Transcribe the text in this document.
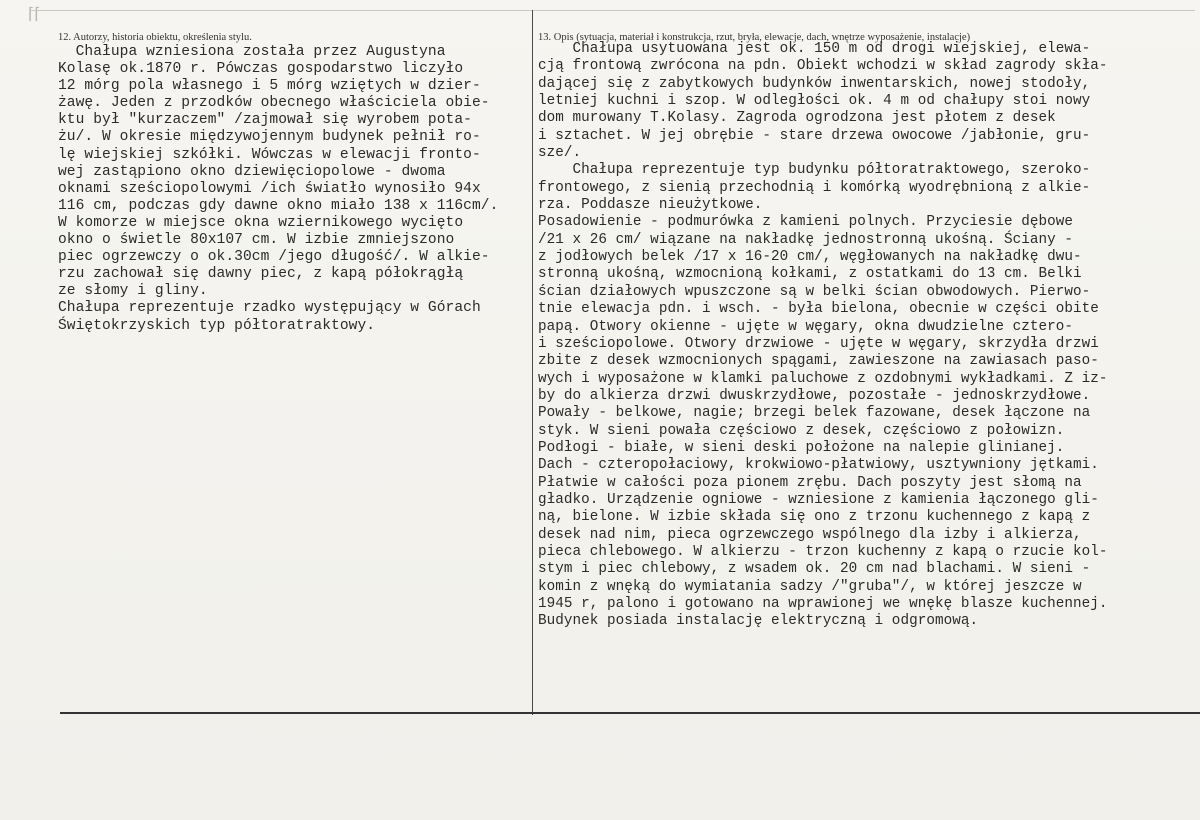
⌈⌈
12. Autorzy, historia obiektu, określenia stylu.	13. Opis (sytuacja, materiał i konstrukcja, rzut, bryła, elewacje, dach, wnętrze wyposażenie, instalacje)
Chałupa wzniesiona została przez Augustyna
Kolasę ok.1870 r. Pówczas gospodarstwo liczyło
12 mórg pola własnego i 5 mórg wziętych w dzier-
żawę. Jeden z przodków obecnego właściciela obie-
ktu był "kurzaczem" /zajmował się wyrobem pota-
żu/. W okresie międzywojennym budynek pełnił ro-
lę wiejskiej szkółki. Wówczas w elewacji fronto-
wej zastąpiono okno dziewięciopolowe - dwoma
oknami sześciopolowymi /ich światło wynosiło 94x
116 cm, podczas gdy dawne okno miało 138 x 116cm/.
W komorze w miejsce okna wziernikowego wycięto
okno o świetle 80x107 cm. W izbie zmniejszono
piec ogrzewczy o ok.30cm /jego długość/. W alkie-
rzu zachował się dawny piec, z kapą półokrągłą
ze słomy i gliny.
Chałupa reprezentuje rzadko występujący w Górach
Świętokrzyskich typ półtoratraktowy.
Chałupa usytuowana jest ok. 150 m od drogi wiejskiej, elewa-
cją frontową zwrócona na pdn. Obiekt wchodzi w skład zagrody skła-
dającej się z zabytkowych budynków inwentarskich, nowej stodoły,
letniej kuchni i szop. W odległości ok. 4 m od chałupy stoi nowy
dom murowany T.Kolasy. Zagroda ogrodzona jest płotem z desek
i sztachet. W jej obrębie - stare drzewa owocowe /jabłonie, gru-
sze/.
Chałupa reprezentuje typ budynku półtoratraktowego, szeroko-
frontowego, z sienią przechodnią i komórką wyodrębnioną z alkie-
rza. Poddasze nieużytkowe.
Posadowienie - podmurówka z kamieni polnych. Przyciesie dębowe
/21 x 26 cm/ wiązane na nakładkę jednostronną ukośną. Ściany -
z jodłowych belek /17 x 16-20 cm/, węgłowanych na nakładkę dwu-
stronną ukośną, wzmocnioną kołkami, z ostatkami do 13 cm. Belki
ścian działowych wpuszczone są w belki ścian obwodowych. Pierwo-
tnie elewacja pdn. i wsch. - była bielona, obecnie w części obite
papą. Otwory okienne - ujęte w węgary, okna dwudzielne cztero-
i sześciopolowe. Otwory drzwiowe - ujęte w węgary, skrzydła drzwi
zbite z desek wzmocnionych spągami, zawieszone na zawiasach paso-
wych i wyposażone w klamki paluchowe z ozdobnymi wykładkami. Z iz-
by do alkierza drzwi dwuskrzydłowe, pozostałe - jednoskrzydłowe.
Powały - belkowe, nagie; brzegi belek fazowane, desek łączone na
styk. W sieni powała częściowo z desek, częściowo z połowizn.
Podłogi - białe, w sieni deski położone na nalepie glinianej.
Dach - czteropołaciowy, krokwiowo-płatwiowy, usztywniony jętkami.
Płatwie w całości poza pionem zrębu. Dach poszyty jest słomą na
gładko. Urządzenie ogniowe - wzniesione z kamienia łączonego gli-
ną, bielone. W izbie składa się ono z trzonu kuchennego z kapą z
desek nad nim, pieca ogrzewczego wspólnego dla izby i alkierza,
pieca chlebowego. W alkierzu - trzon kuchenny z kapą o rzucie kol-
stym i piec chlebowy, z wsadem ok. 20 cm nad blachami. W sieni -
komin z wnęką do wymiatania sadzy /"gruba"/, w której jeszcze w
1945 r, palono i gotowano na wprawionej we wnękę blasze kuchennej.
Budynek posiada instalację elektryczną i odgromową.
